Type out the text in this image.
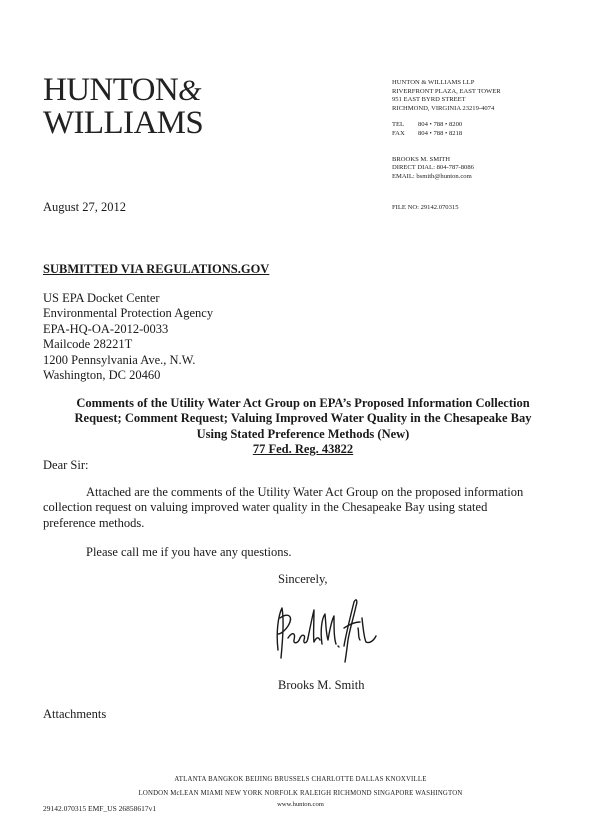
HUNTON&
WILLIAMS
HUNTON & WILLIAMS LLP
RIVERFRONT PLAZA, EAST TOWER
951 EAST BYRD STREET
RICHMOND, VIRGINIA 23219-4074
TEL 804 • 788 • 8200
FAX 804 • 788 • 8218
BROOKS M. SMITH
DIRECT DIAL: 804-787-8086
EMAIL: bsmith@hunton.com
August 27, 2012	FILE NO: 29142.070315
SUBMITTED VIA REGULATIONS.GOV
US EPA Docket Center
Environmental Protection Agency
EPA-HQ-OA-2012-0033
Mailcode 28221T
1200 Pennsylvania Ave., N.W.
Washington, DC 20460
Comments of the Utility Water Act Group on EPA’s Proposed Information Collection
Request; Comment Request; Valuing Improved Water Quality in the Chesapeake Bay
Using Stated Preference Methods (New)
77 Fed. Reg. 43822
Dear Sir:
Attached are the comments of the Utility Water Act Group on the proposed information
collection request on valuing improved water quality in the Chesapeake Bay using stated
preference methods.
Please call me if you have any questions.
Sincerely,
Brooks M. Smith
Attachments
ATLANTA BANGKOK BEIJING BRUSSELS CHARLOTTE DALLAS KNOXVILLE
LONDON McLEAN MIAMI NEW YORK NORFOLK RALEIGH RICHMOND SINGAPORE WASHINGTON
www.hunton.com
29142.070315 EMF_US 26858617v1
